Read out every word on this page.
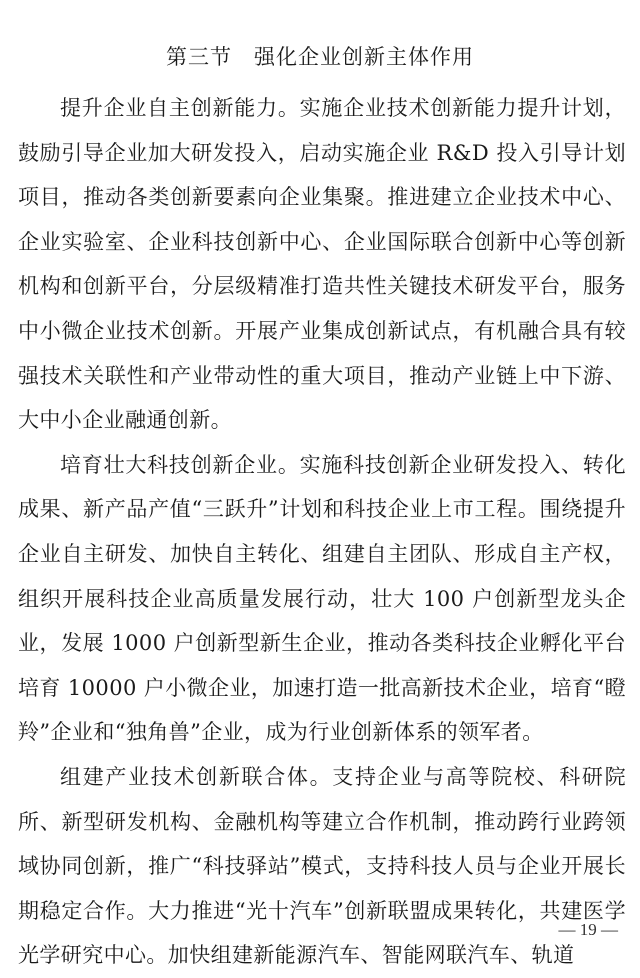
第三节　强化企业创新主体作用

提升企业自主创新能力。实施企业技术创新能力提升计划，鼓励引导企业加大研发投入，启动实施企业 R&D 投入引导计划项目，推动各类创新要素向企业集聚。推进建立企业技术中心、企业实验室、企业科技创新中心、企业国际联合创新中心等创新机构和创新平台，分层级精准打造共性关键技术研发平台，服务中小微企业技术创新。开展产业集成创新试点，有机融合具有较强技术关联性和产业带动性的重大项目，推动产业链上中下游、大中小企业融通创新。

培育壮大科技创新企业。实施科技创新企业研发投入、转化成果、新产品产值“三跃升”计划和科技企业上市工程。围绕提升企业自主研发、加快自主转化、组建自主团队、形成自主产权，组织开展科技企业高质量发展行动，壮大 100 户创新型龙头企业，发展 1000 户创新型新生企业，推动各类科技企业孵化平台培育 10000 户小微企业，加速打造一批高新技术企业，培育“瞪羚”企业和“独角兽”企业，成为行业创新体系的领军者。

组建产业技术创新联合体。支持企业与高等院校、科研院所、新型研发机构、金融机构等建立合作机制，推动跨行业跨领域协同创新，推广“科技驿站”模式，支持科技人员与企业开展长期稳定合作。大力推进“光十汽车”创新联盟成果转化，共建医学光学研究中心。加快组建新能源汽车、智能网联汽车、轨道

— 19 —
